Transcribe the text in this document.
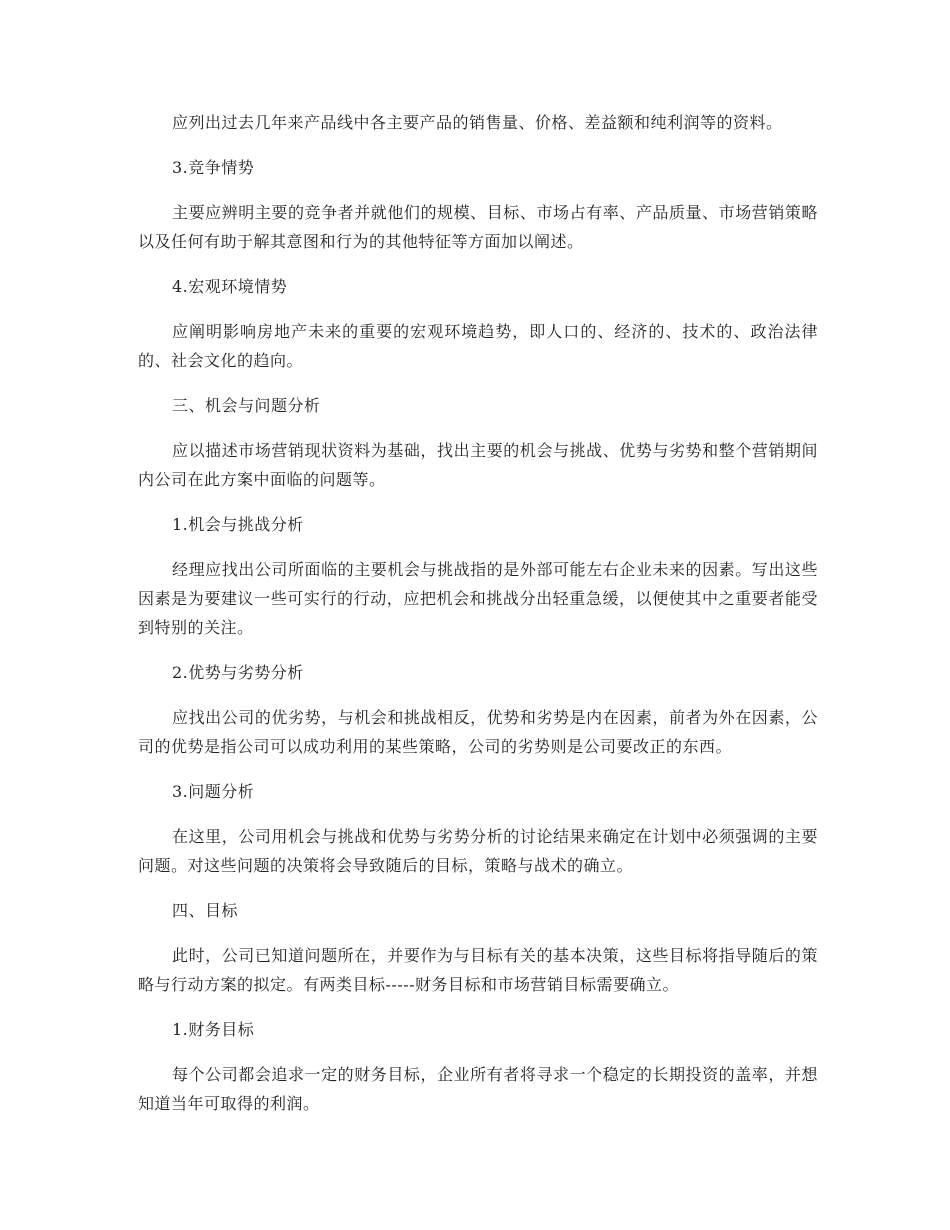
应列出过去几年来产品线中各主要产品的销售量、价格、差益额和纯利润等的资料。

3.竞争情势

主要应辨明主要的竞争者并就他们的规模、目标、市场占有率、产品质量、市场营销策略以及任何有助于解其意图和行为的其他特征等方面加以阐述。

4.宏观环境情势

应阐明影响房地产未来的重要的宏观环境趋势，即人口的、经济的、技术的、政治法律的、社会文化的趋向。

三、机会与问题分析

应以描述市场营销现状资料为基础，找出主要的机会与挑战、优势与劣势和整个营销期间内公司在此方案中面临的问题等。

1.机会与挑战分析

经理应找出公司所面临的主要机会与挑战指的是外部可能左右企业未来的因素。写出这些因素是为要建议一些可实行的行动，应把机会和挑战分出轻重急缓，以便使其中之重要者能受到特别的关注。

2.优势与劣势分析

应找出公司的优劣势，与机会和挑战相反，优势和劣势是内在因素，前者为外在因素，公司的优势是指公司可以成功利用的某些策略，公司的劣势则是公司要改正的东西。

3.问题分析

在这里，公司用机会与挑战和优势与劣势分析的讨论结果来确定在计划中必须强调的主要问题。对这些问题的决策将会导致随后的目标，策略与战术的确立。

四、目标

此时，公司已知道问题所在，并要作为与目标有关的基本决策，这些目标将指导随后的策略与行动方案的拟定。有两类目标-----财务目标和市场营销目标需要确立。

1.财务目标

每个公司都会追求一定的财务目标，企业所有者将寻求一个稳定的长期投资的盖率，并想知道当年可取得的利润。
